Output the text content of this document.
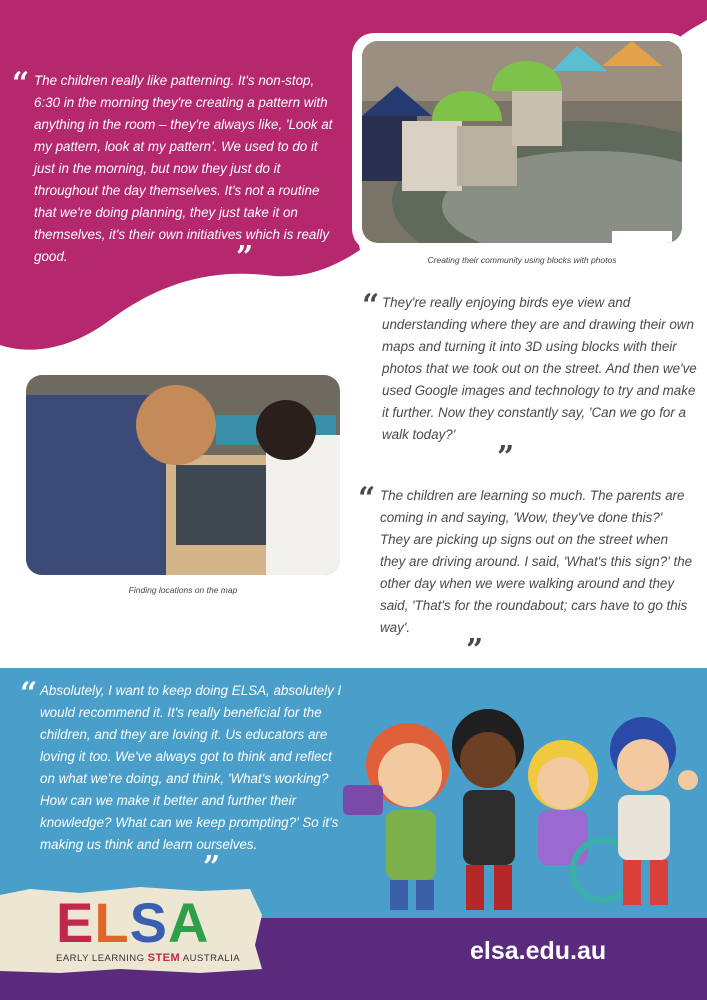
“ The children really like patterning. It's non-stop, 6:30 in the morning they're creating a pattern with anything in the room – they're always like, 'Look at my pattern, look at my pattern'. We used to do it just in the morning, but now they just do it throughout the day themselves. It's not a routine that we're doing planning, they just take it on themselves, it's their own initiatives which is really good.	”	Creating their community using blocks with photos
“ They're really enjoying birds eye view and understanding where they are and drawing their own maps and turning it into 3D using blocks with their photos that we took out on the street. And then we've used Google images and technology to try and make it further. Now they constantly say, 'Can we go for a walk today?'
”
Finding locations on the map
“ The children are learning so much. The parents are coming in and saying, 'Wow, they've done this?' They are picking up signs out on the street when they are driving around. I said, 'What's this sign?' the other day when we were walking around and they said, 'That's for the roundabout; cars have to go this way'.
”
“ Absolutely, I want to keep doing ELSA, absolutely I would recommend it. It's really beneficial for the children, and they are loving it. Us educators are loving it too. We've always got to think and reflect on what we're doing, and think, 'What's working? How can we make it better and further their knowledge? What can we keep prompting?' So it's making us think and learn ourselves.
”
ELSA
EARLY LEARNING STEM AUSTRALIA	elsa.edu.au
